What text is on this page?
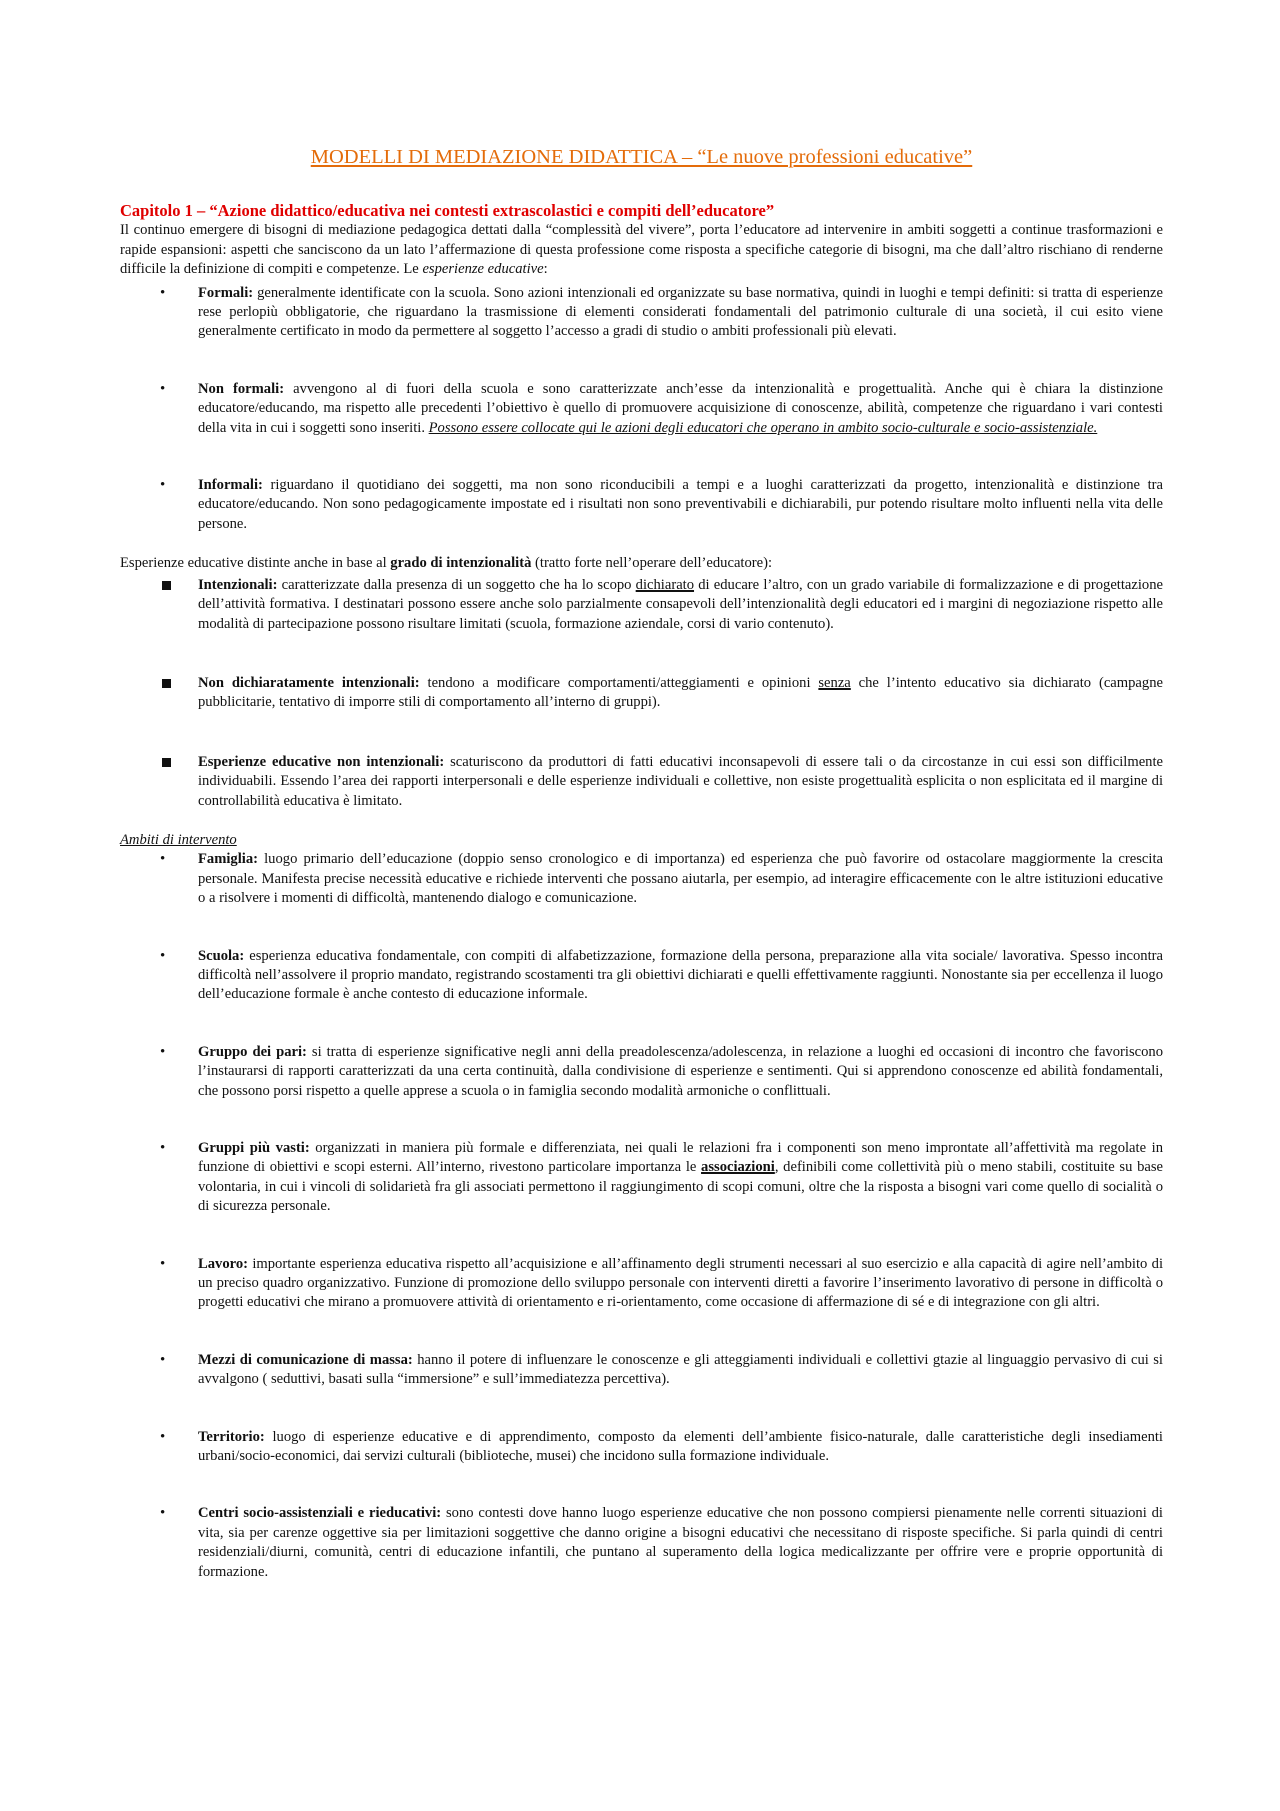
MODELLI DI MEDIAZIONE DIDATTICA – “Le nuove professioni educative”
Capitolo 1 – “Azione didattico/educativa nei contesti extrascolastici e compiti dell’educatore”

Il continuo emergere di bisogni di mediazione pedagogica dettati dalla “complessità del vivere”, porta l’educatore ad intervenire in ambiti soggetti a continue trasformazioni e rapide espansioni: aspetti che sanciscono da un lato l’affermazione di questa professione come risposta a specifiche categorie di bisogni, ma che dall’altro rischiano di renderne difficile la definizione di compiti e competenze. Le esperienze educative:

• Formali: generalmente identificate con la scuola. Sono azioni intenzionali ed organizzate su base normativa, quindi in luoghi e tempi definiti: si tratta di esperienze rese perlopiù obbligatorie, che riguardano la trasmissione di elementi considerati fondamentali del patrimonio culturale di una società, il cui esito viene generalmente certificato in modo da permettere al soggetto l’accesso a gradi di studio o ambiti professionali più elevati.
• Non formali: avvengono al di fuori della scuola e sono caratterizzate anch’esse da intenzionalità e progettualità. Anche qui è chiara la distinzione educatore/educando, ma rispetto alle precedenti l’obiettivo è quello di promuovere acquisizione di conoscenze, abilità, competenze che riguardano i vari contesti della vita in cui i soggetti sono inseriti. Possono essere collocate qui le azioni degli educatori che operano in ambito socio-culturale e socio-assistenziale.
• Informali: riguardano il quotidiano dei soggetti, ma non sono riconducibili a tempi e a luoghi caratterizzati da progetto, intenzionalità e distinzione tra educatore/educando. Non sono pedagogicamente impostate ed i risultati non sono preventivabili e dichiarabili, pur potendo risultare molto influenti nella vita delle persone.

Esperienze educative distinte anche in base al grado di intenzionalità (tratto forte nell’operare dell’educatore):

Intenzionali: caratterizzate dalla presenza di un soggetto che ha lo scopo dichiarato di educare l’altro, con un grado variabile di formalizzazione e di progettazione dell’attività formativa. I destinatari possono essere anche solo parzialmente consapevoli dell’intenzionalità degli educatori ed i margini di negoziazione rispetto alle modalità di partecipazione possono risultare limitati (scuola, formazione aziendale, corsi di vario contenuto).
Non dichiaratamente intenzionali: tendono a modificare comportamenti/atteggiamenti e opinioni senza che l’intento educativo sia dichiarato (campagne pubblicitarie, tentativo di imporre stili di comportamento all’interno di gruppi).
Esperienze educative non intenzionali: scaturiscono da produttori di fatti educativi inconsapevoli di essere tali o da circostanze in cui essi son difficilmente individuabili. Essendo l’area dei rapporti interpersonali e delle esperienze individuali e collettive, non esiste progettualità esplicita o non esplicitata ed il margine di controllabilità educativa è limitato.

Ambiti di intervento

• Famiglia: luogo primario dell’educazione (doppio senso cronologico e di importanza) ed esperienza che può favorire od ostacolare maggiormente la crescita personale. Manifesta precise necessità educative e richiede interventi che possano aiutarla, per esempio, ad interagire efficacemente con le altre istituzioni educative o a risolvere i momenti di difficoltà, mantenendo dialogo e comunicazione.
• Scuola: esperienza educativa fondamentale, con compiti di alfabetizzazione, formazione della persona, preparazione alla vita sociale/ lavorativa. Spesso incontra difficoltà nell’assolvere il proprio mandato, registrando scostamenti tra gli obiettivi dichiarati e quelli effettivamente raggiunti. Nonostante sia per eccellenza il luogo dell’educazione formale è anche contesto di educazione informale.
• Gruppo dei pari: si tratta di esperienze significative negli anni della preadolescenza/adolescenza, in relazione a luoghi ed occasioni di incontro che favoriscono l’instaurarsi di rapporti caratterizzati da una certa continuità, dalla condivisione di esperienze e sentimenti. Qui si apprendono conoscenze ed abilità fondamentali, che possono porsi rispetto a quelle apprese a scuola o in famiglia secondo modalità armoniche o conflittuali.
• Gruppi più vasti: organizzati in maniera più formale e differenziata, nei quali le relazioni fra i componenti son meno improntate all’affettività ma regolate in funzione di obiettivi e scopi esterni. All’interno, rivestono particolare importanza le associazioni, definibili come collettività più o meno stabili, costituite su base volontaria, in cui i vincoli di solidarietà fra gli associati permettono il raggiungimento di scopi comuni, oltre che la risposta a bisogni vari come quello di socialità o di sicurezza personale.
• Lavoro: importante esperienza educativa rispetto all’acquisizione e all’affinamento degli strumenti necessari al suo esercizio e alla capacità di agire nell’ambito di un preciso quadro organizzativo. Funzione di promozione dello sviluppo personale con interventi diretti a favorire l’inserimento lavorativo di persone in difficoltà o progetti educativi che mirano a promuovere attività di orientamento e ri-orientamento, come occasione di affermazione di sé e di integrazione con gli altri.
• Mezzi di comunicazione di massa: hanno il potere di influenzare le conoscenze e gli atteggiamenti individuali e collettivi gtazie al linguaggio pervasivo di cui si avvalgono ( seduttivi, basati sulla “immersione” e sull’immediatezza percettiva).
• Territorio: luogo di esperienze educative e di apprendimento, composto da elementi dell’ambiente fisico-naturale, dalle caratteristiche degli insediamenti urbani/socio-economici, dai servizi culturali (biblioteche, musei) che incidono sulla formazione individuale.
• Centri socio-assistenziali e rieducativi: sono contesti dove hanno luogo esperienze educative che non possono compiersi pienamente nelle correnti situazioni di vita, sia per carenze oggettive sia per limitazioni soggettive che danno origine a bisogni educativi che necessitano di risposte specifiche. Si parla quindi di centri residenziali/diurni, comunità, centri di educazione infantili, che puntano al superamento della logica medicalizzante per offrire vere e proprie opportunità di formazione.
